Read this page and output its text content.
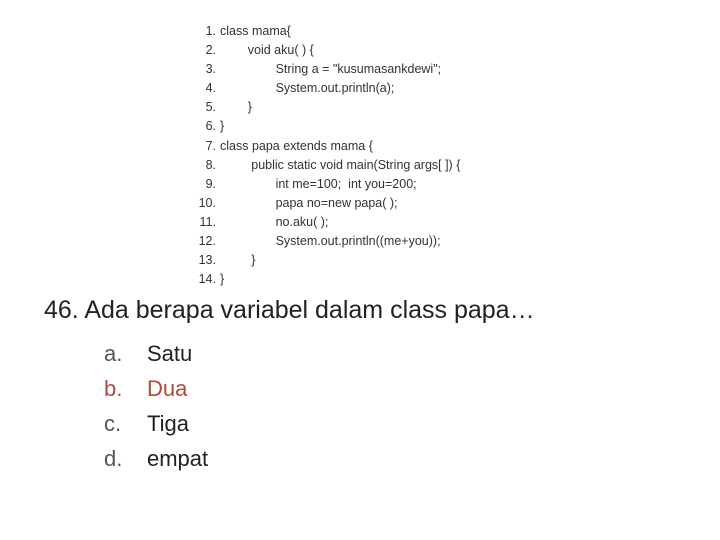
1. class mama{
2. void aku( ) {
3. String a = "kusumasankdewi";
4. System.out.println(a);
5. }
6. }
7. class papa extends mama {
8. public static void main(String args[ ]) {
9. int me=100;  int you=200;
10. papa no=new papa( );
11. no.aku( );
12. System.out.println((me+you));
13. }
14. }
46. Ada berapa variabel dalam class papa…
a.	Satu
b.	Dua
c.	Tiga
d.	empat
